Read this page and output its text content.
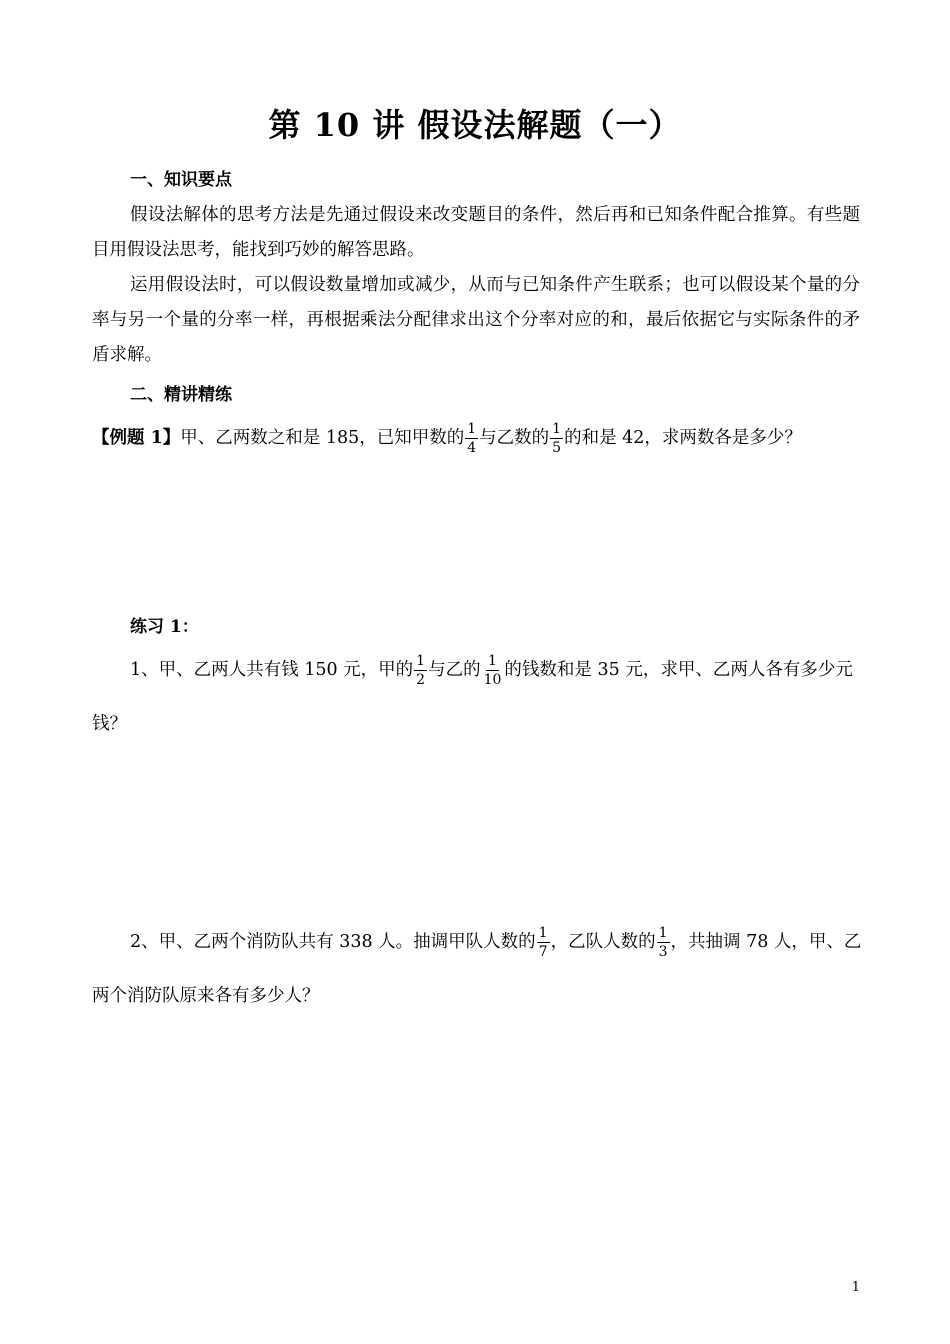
第 10 讲 假设法解题（一）
一、知识要点
假设法解体的思考方法是先通过假设来改变题目的条件，然后再和已知条件配合推算。有些题目用假设法思考，能找到巧妙的解答思路。
运用假设法时，可以假设数量增加或减少，从而与已知条件产生联系；也可以假设某个量的分率与另一个量的分率一样，再根据乘法分配律求出这个分率对应的和，最后依据它与实际条件的矛盾求解。
二、精讲精练
【例题 1】 甲、乙两数之和是 185，已知甲数的 $\frac{1}{4}$ 与乙数的 $\frac{1}{5}$ 的和是 42，求两数各是多少？
练习 1：
1、甲、乙两人共有钱 150 元，甲的 $\frac{1}{2}$ 与乙的 $\frac{1}{10}$ 的钱数和是 35 元，求甲、乙两人各有多少元
钱？
2、甲、乙两个消防队共有 338 人。抽调甲队人数的 $\frac{1}{7}$ ，乙队人数的 $\frac{1}{3}$ ，共抽调 78 人，甲、乙
两个消防队原来各有多少人？
1
